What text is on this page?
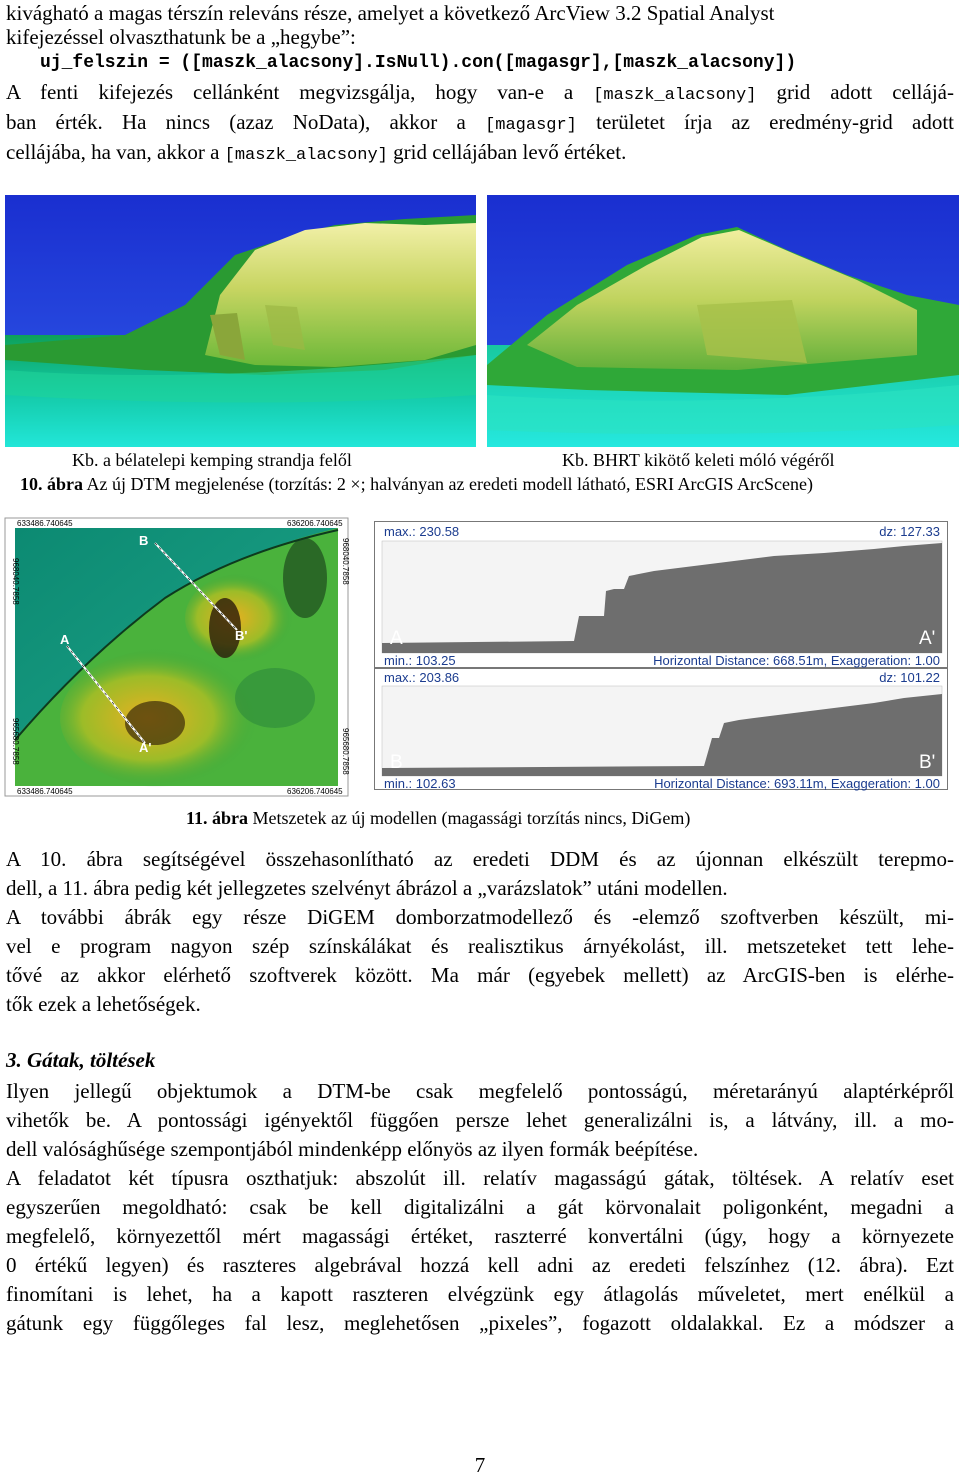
kivágható a magas térszín releváns része, amelyet a következő ArcView 3.2 Spatial Analyst
kifejezéssel olvaszthatunk be a „hegybe”:
uj_felszin = ([maszk_alacsony].IsNull).con([magasgr],[maszk_alacsony])
A fenti kifejezés cellánként megvizsgálja, hogy van-e a [maszk_alacsony] grid adott cellájá-
ban érték. Ha nincs (azaz NoData), akkor a [magasgr] területet írja az eredmény-grid adott
cellájába, ha van, akkor a [maszk_alacsony] grid cellájában levő értéket.
Kb. a bélatelepi kemping strandja felől	Kb. BHRT kikötő keleti móló végéről
10. ábra Az új DTM megjelenése (torzítás: 2 ×; halványan az eredeti modell látható, ESRI ArcGIS ArcScene)
B
B'
A
A'
633486.740645	636206.740645
633486.740645	636206.740645
968040.7858
965680.7858
968040.7858
965680.7858
max.: 230.58	dz: 127.33
min.: 103.25	Horizontal Distance: 668.51m, Exaggeration: 1.00
A	A'
max.: 203.86	dz: 101.22
min.: 102.63	Horizontal Distance: 693.11m, Exaggeration: 1.00
B	B'
11. ábra Metszetek az új modellen (magassági torzítás nincs, DiGem)
A 10. ábra segítségével összehasonlítható az eredeti DDM és az újonnan elkészült terepmo-
dell, a 11. ábra pedig két jellegzetes szelvényt ábrázol a „varázslatok” utáni modellen.
A további ábrák egy része DiGEM domborzatmodellező és -elemző szoftverben készült, mi-
vel e program nagyon szép színskálákat és realisztikus árnyékolást, ill. metszeteket tett lehe-
tővé az akkor elérhető szoftverek között. Ma már (egyebek mellett) az ArcGIS-ben is elérhe-
tők ezek a lehetőségek.
3. Gátak, töltések
Ilyen jellegű objektumok a DTM-be csak megfelelő pontosságú, méretarányú alaptérképről
vihetők be. A pontossági igényektől függően persze lehet generalizálni is, a látvány, ill. a mo-
dell valósághűsége szempontjából mindenképp előnyös az ilyen formák beépítése.
A feladatot két típusra oszthatjuk: abszolút ill. relatív magasságú gátak, töltések. A relatív eset
egyszerűen megoldható: csak be kell digitalizálni a gát körvonalait poligonként, megadni a
megfelelő, környezettől mért magassági értéket, raszterré konvertálni (úgy, hogy a környezete
0 értékű legyen) és raszteres algebrával hozzá kell adni az eredeti felszínhez (12. ábra). Ezt
finomítani is lehet, ha a kapott raszteren elvégzünk egy átlagolás műveletet, mert enélkül a
gátunk egy függőleges fal lesz, meglehetősen „pixeles”, fogazott oldalakkal. Ez a módszer a
7
